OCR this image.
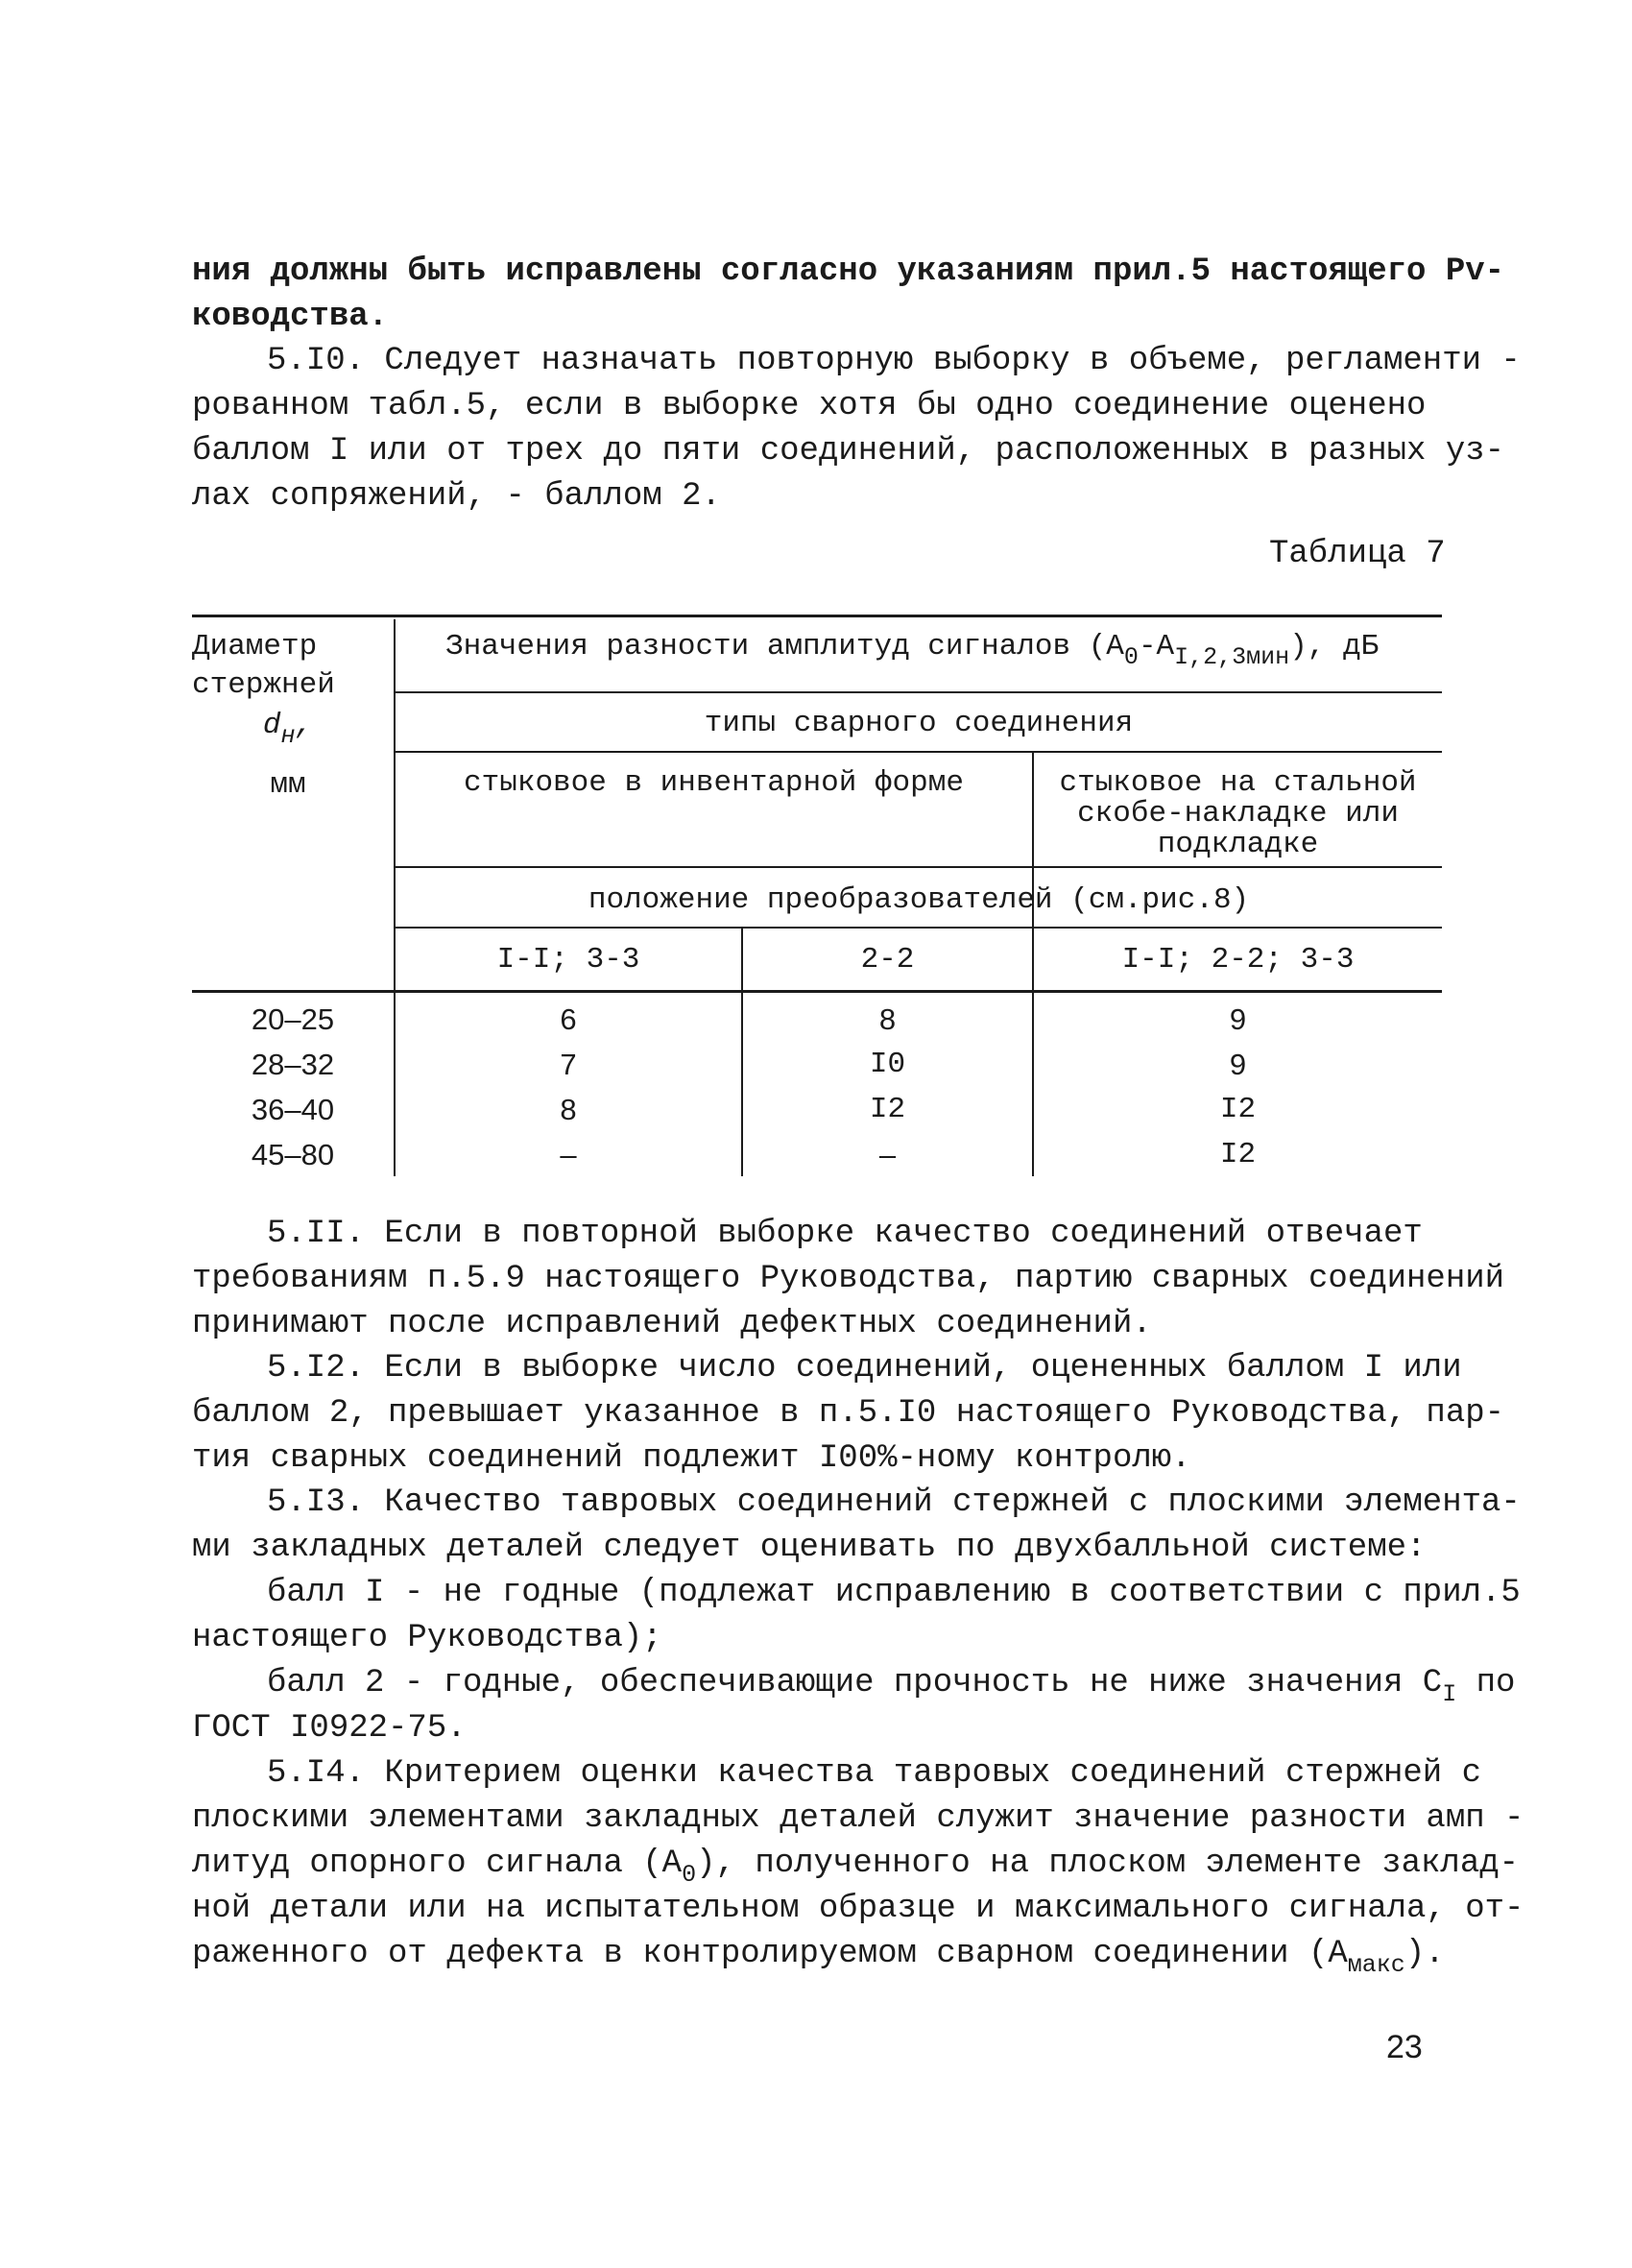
ния должны быть исправлены согласно указаниям прил.5 настоящего Pv-
ководства.
5.I0. Следует назначать повторную выборку в объеме, регламенти -
рованном табл.5, если в выборке хотя бы одно соединение оценено
баллом I или от трех до пяти соединений, расположенных в разных уз-
лах сопряжений, - баллом 2.
Таблица 7
Диаметр
стержней
$d_н$,
мм
Значения разности амплитуд сигналов $(A_0-A_{I,2,3мин})$, дБ
типы сварного соединения
стыковое в инвентарной форме	стыковое на стальной
скобе-накладке или
подкладке
положение преобразователей (см.рис.8)
I-I; 3-3	2-2	I-I; 2-2; 3-3
20–25	6	8	9
28–32	7	I0	9
36–40	8	I2	I2
45–80	–	–	I2
5.II. Если в повторной выборке качество соединений отвечает
требованиям п.5.9 настоящего Руководства, партию сварных соединений
принимают после исправлений дефектных соединений.
5.I2. Если в выборке число соединений, оцененных баллом I или
баллом 2, превышает указанное в п.5.I0 настоящего Руководства, пар-
тия сварных соединений подлежит I00%-ному контролю.
5.I3. Качество тавровых соединений стержней с плоскими элемента-
ми закладных деталей следует оценивать по двухбалльной системе:
балл I - не годные (подлежат исправлению в соответствии с прил.5
настоящего Руководства);
балл 2 - годные, обеспечивающие прочность не ниже значения $C_I$ по
ГОСТ I0922-75.
5.I4. Критерием оценки качества тавровых соединений стержней с
плоскими элементами закладных деталей служит значение разности амп -
литуд опорного сигнала $(A_0)$, полученного на плоском элементе заклад-
ной детали или на испытательном образце и максимального сигнала, от-
раженного от дефекта в контролируемом сварном соединении $(A_{макс})$.
23
